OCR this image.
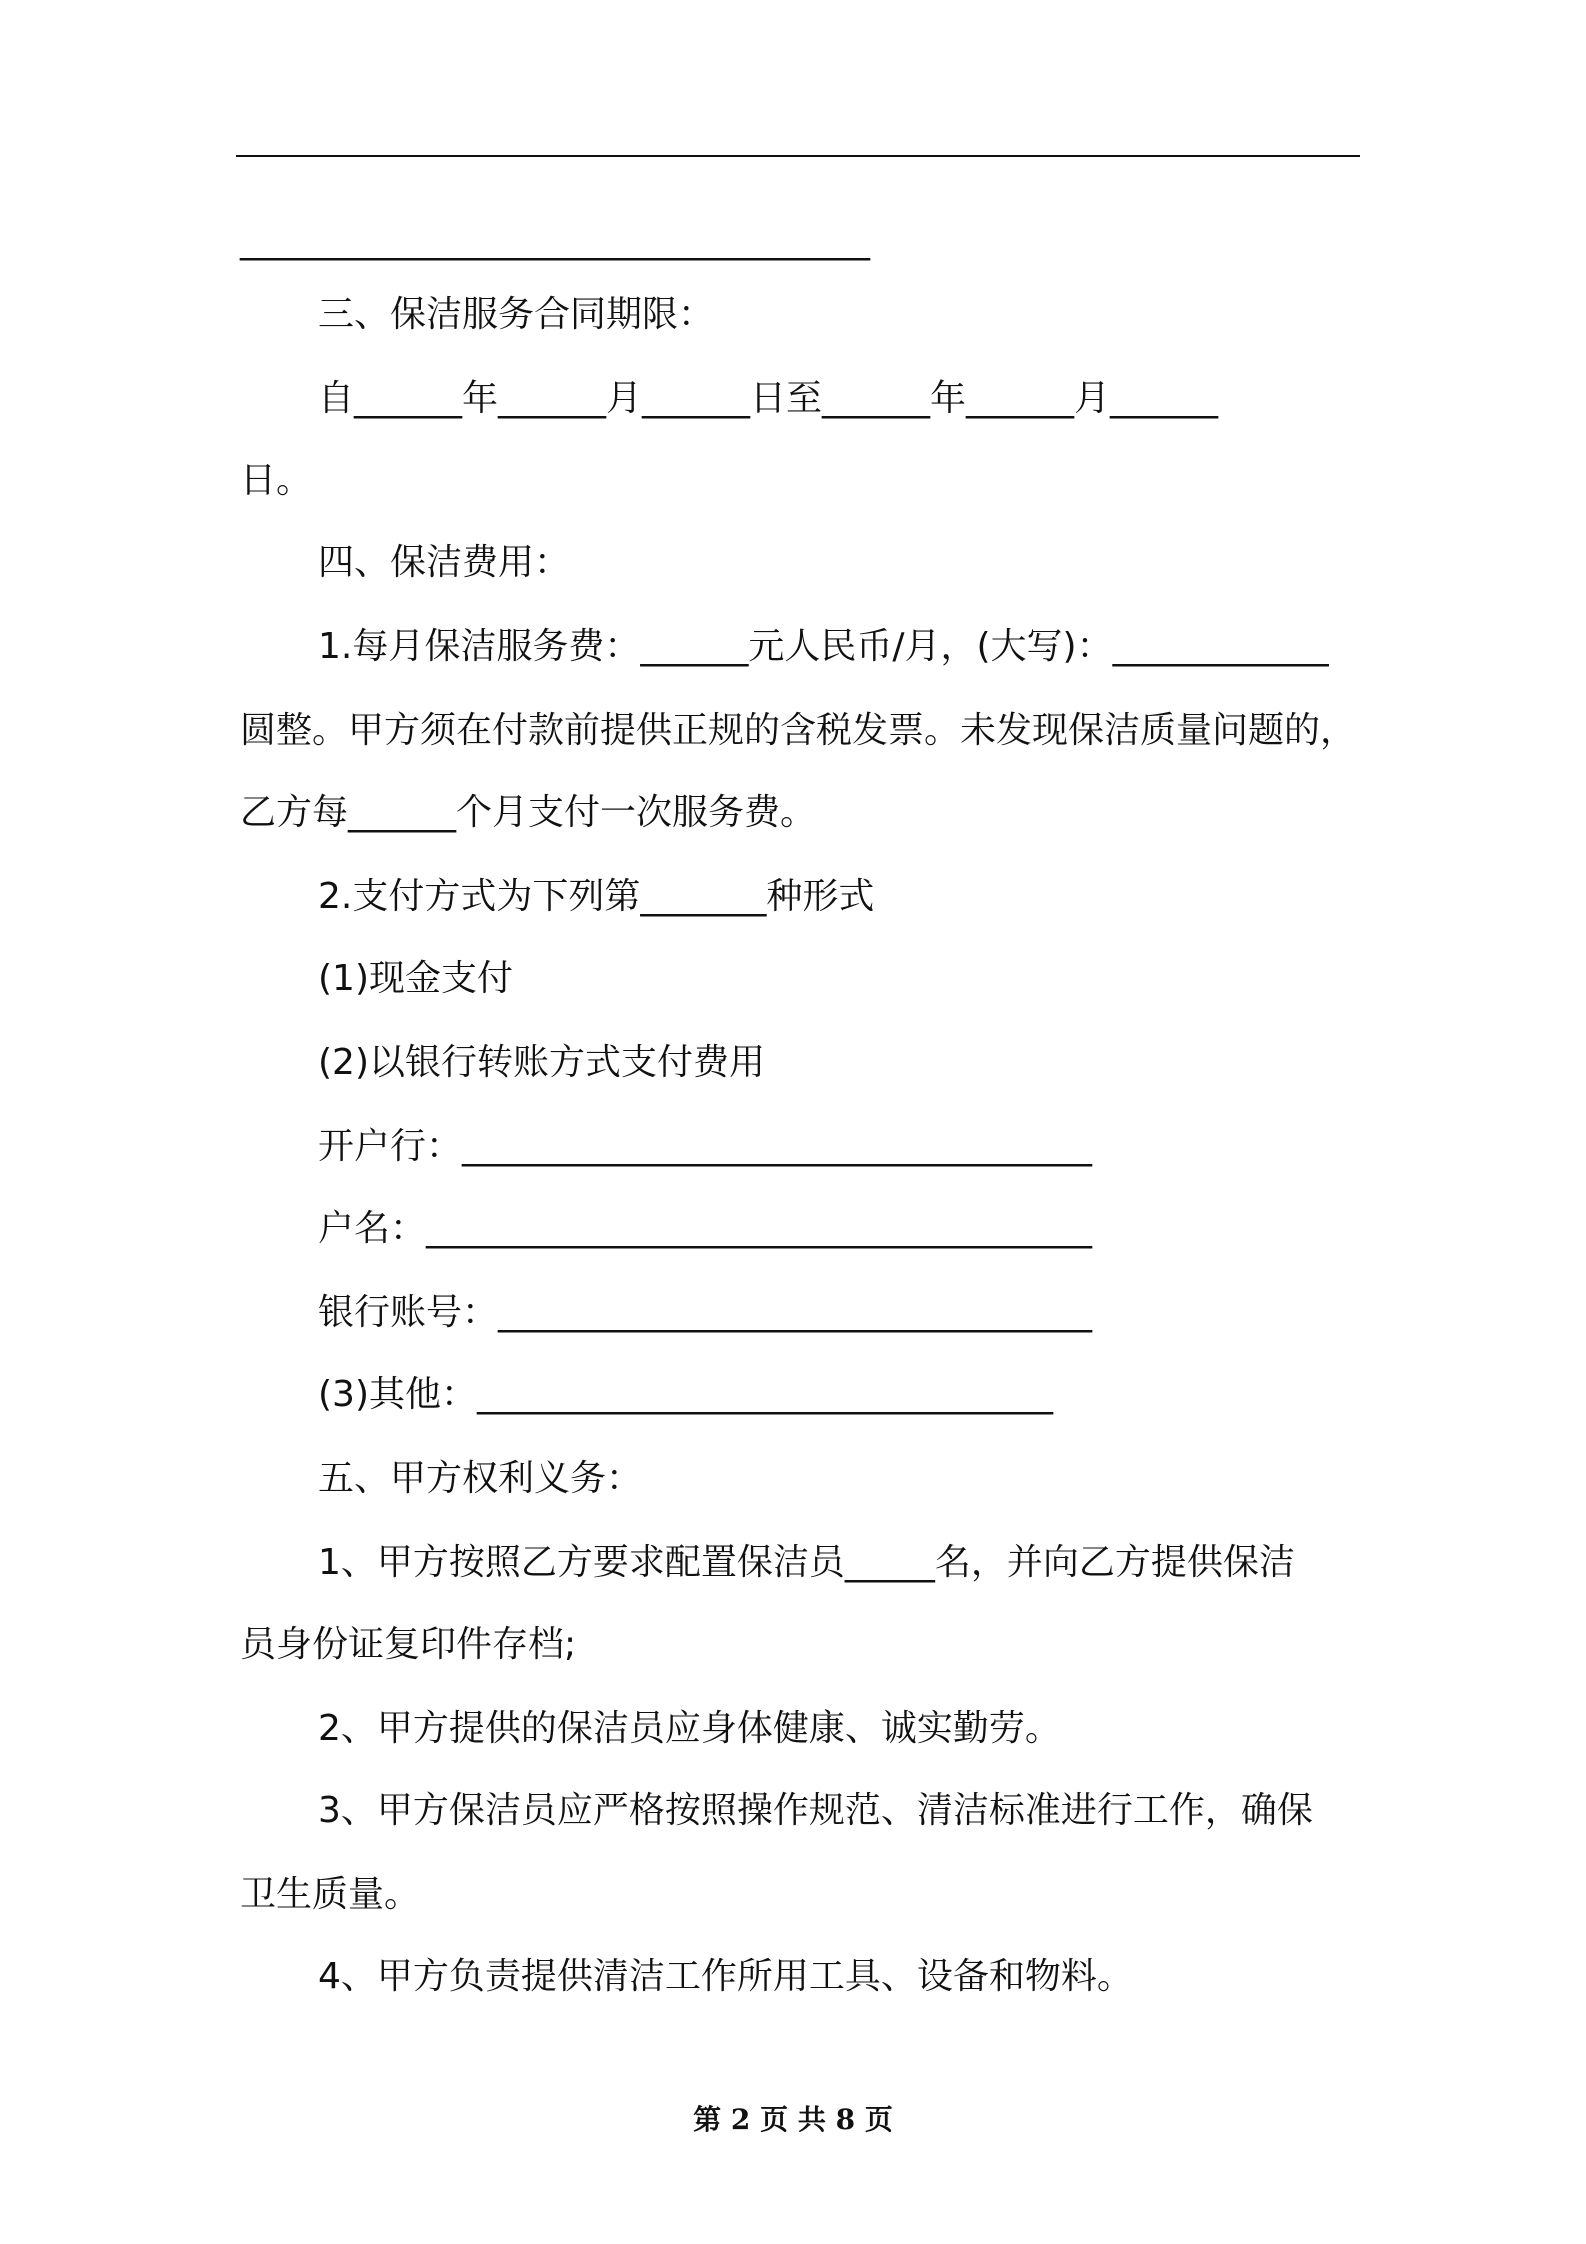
___________________________________

三、保洁服务合同期限：

自______年______月______日至______年______月______

日。

四、保洁费用：

1.每月保洁服务费：______元人民币/月，(大写)：____________

圆整。甲方须在付款前提供正规的含税发票。未发现保洁质量问题的，

乙方每______个月支付一次服务费。

2.支付方式为下列第_______种形式

(1)现金支付

(2)以银行转账方式支付费用

开户行：___________________________________

户名：_____________________________________

银行账号：_________________________________

(3)其他：________________________________

五、甲方权利义务：

1、甲方按照乙方要求配置保洁员_____名，并向乙方提供保洁

员身份证复印件存档;

2、甲方提供的保洁员应身体健康、诚实勤劳。

3、甲方保洁员应严格按照操作规范、清洁标准进行工作，确保

卫生质量。

4、甲方负责提供清洁工作所用工具、设备和物料。

第 2 页 共 8 页
